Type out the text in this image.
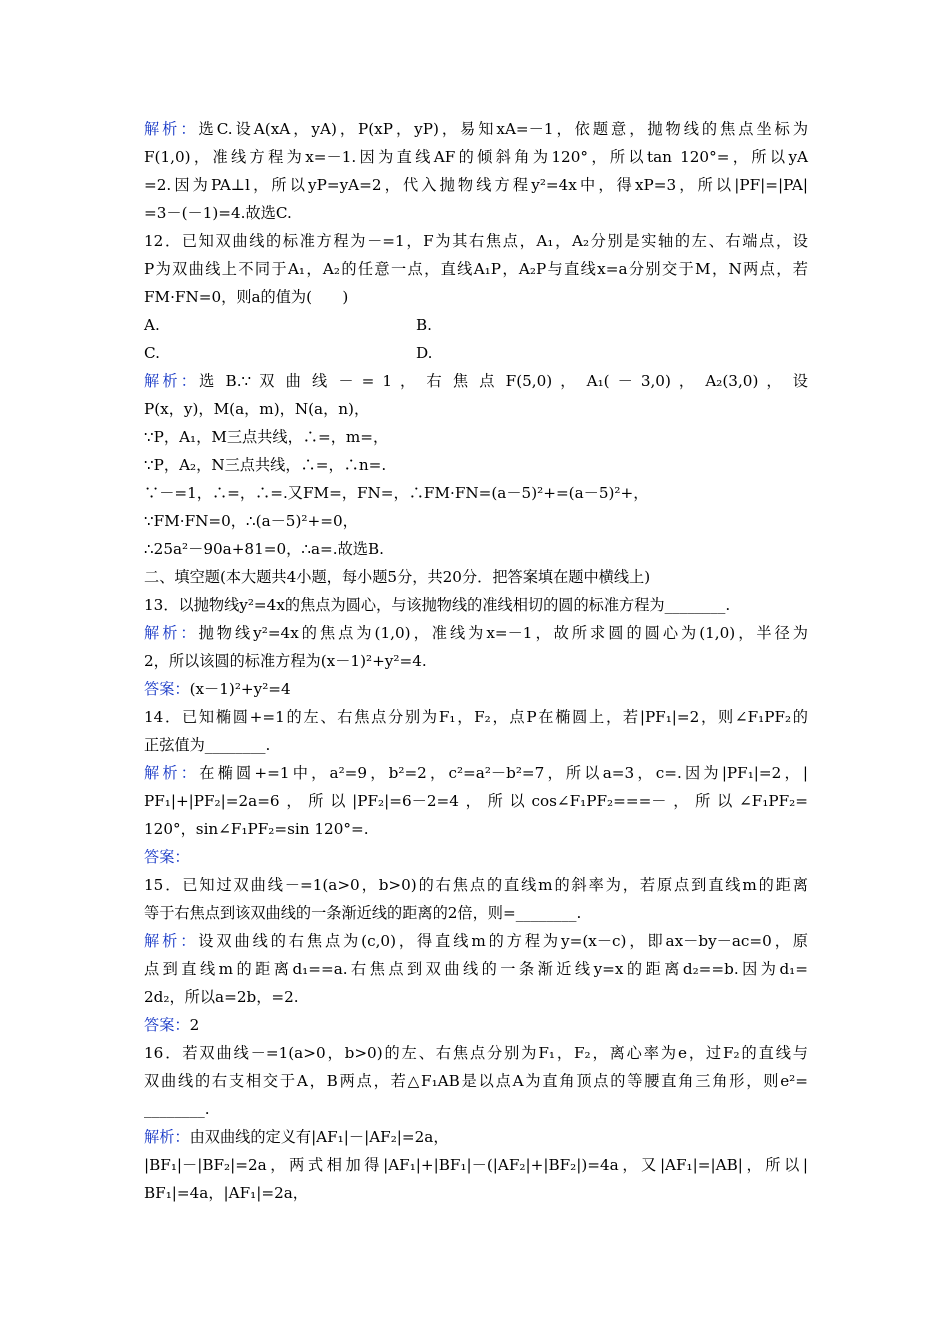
解析：选C.设A(xA，yA)，P(xP，yP)，易知xA=－1，依题意，抛物线的焦点坐标为
F(1,0)，准线方程为x=－1.因为直线AF的倾斜角为120°，所以tan 120°=，所以yA
=2.因为PA⊥l，所以yP=yA=2，代入抛物线方程y²=4x中，得xP=3，所以|PF|=|PA|
=3－(－1)=4.故选C.
12．已知双曲线的标准方程为－=1，F为其右焦点，A₁，A₂分别是实轴的左、右端点，设
P为双曲线上不同于A₁，A₂的任意一点，直线A₁P，A₂P与直线x=a分别交于M，N两点，若
FM·FN=0，则a的值为(　　)
A.	B.
C.	D.
解析：选 B.∵ 双 曲 线 － = 1 ， 右 焦 点 F(5,0) ， A₁( － 3,0) ， A₂(3,0) ， 设
P(x，y)，M(a，m)，N(a，n)，
∵P，A₁，M三点共线，∴=，m=，
∵P，A₂，N三点共线，∴=，∴n=.
∵－=1，∴=，∴=.又FM=，FN=，∴FM·FN=(a－5)²+=(a－5)²+，
∵FM·FN=0，∴(a－5)²+=0，
∴25a²－90a+81=0，∴a=.故选B.
二、填空题(本大题共4小题，每小题5分，共20分．把答案填在题中横线上)
13．以抛物线y²=4x的焦点为圆心，与该抛物线的准线相切的圆的标准方程为________.
解析：抛物线y²=4x的焦点为(1,0)，准线为x=－1，故所求圆的圆心为(1,0)，半径为
2，所以该圆的标准方程为(x－1)²+y²=4.
答案：(x－1)²+y²=4
14．已知椭圆+=1的左、右焦点分别为F₁，F₂，点P在椭圆上，若|PF₁|=2，则∠F₁PF₂的
正弦值为________.
解析：在椭圆+=1中，a²=9，b²=2，c²=a²－b²=7，所以a=3，c=.因为|PF₁|=2，|
PF₁|+|PF₂|=2a=6，所以|PF₂|=6－2=4，所以cos∠F₁PF₂===－，所以∠F₁PF₂=
120°，sin∠F₁PF₂=sin 120°=.
答案：
15．已知过双曲线－=1(a>0，b>0)的右焦点的直线m的斜率为，若原点到直线m的距离
等于右焦点到该双曲线的一条渐近线的距离的2倍，则=________.
解析：设双曲线的右焦点为(c,0)，得直线m的方程为y=(x－c)，即ax－by－ac=0，原
点到直线m的距离d₁==a.右焦点到双曲线的一条渐近线y=x的距离d₂==b.因为d₁=
2d₂，所以a=2b，=2.
答案：2
16．若双曲线－=1(a>0，b>0)的左、右焦点分别为F₁，F₂，离心率为e，过F₂的直线与
双曲线的右支相交于A，B两点，若△F₁AB是以点A为直角顶点的等腰直角三角形，则e²=
________.
解析：由双曲线的定义有|AF₁|－|AF₂|=2a，
|BF₁|－|BF₂|=2a，两式相加得|AF₁|+|BF₁|－(|AF₂|+|BF₂|)=4a，又|AF₁|=|AB|，所以|
BF₁|=4a，|AF₁|=2a，
